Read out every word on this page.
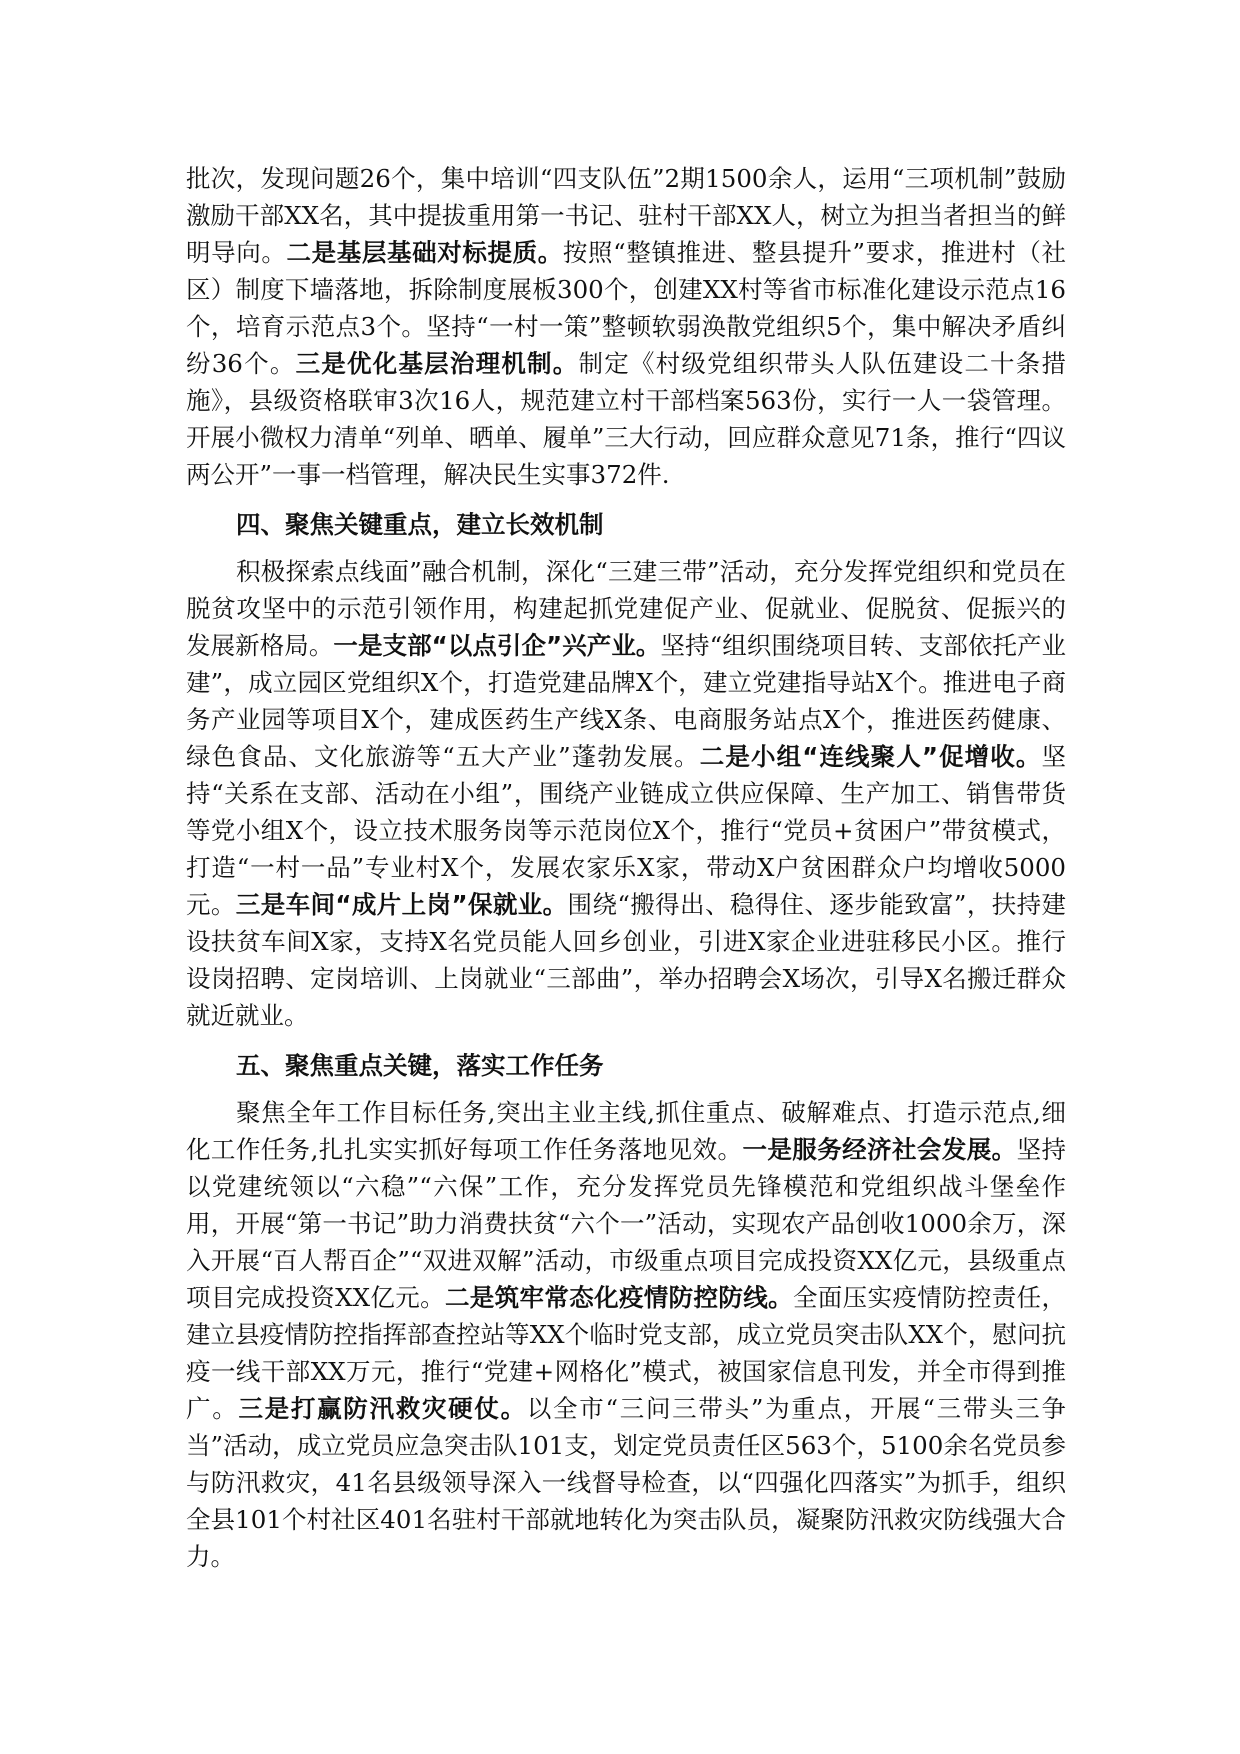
批次，发现问题26个，集中培训“四支队伍”2期1500余人，运用“三项机制”鼓励激励干部XX名，其中提拔重用第一书记、驻村干部XX人，树立为担当者担当的鲜明导向。二是基层基础对标提质。按照“整镇推进、整县提升”要求，推进村（社区）制度下墙落地，拆除制度展板300个，创建XX村等省市标准化建设示范点16个，培育示范点3个。坚持“一村一策”整顿软弱涣散党组织5个，集中解决矛盾纠纷36个。三是优化基层治理机制。制定《村级党组织带头人队伍建设二十条措施》，县级资格联审3次16人，规范建立村干部档案563份，实行一人一袋管理。开展小微权力清单“列单、晒单、履单”三大行动，回应群众意见71条，推行“四议两公开”一事一档管理，解决民生实事372件.

四、聚焦关键重点，建立长效机制

积极探索点线面”融合机制，深化“三建三带”活动，充分发挥党组织和党员在脱贫攻坚中的示范引领作用，构建起抓党建促产业、促就业、促脱贫、促振兴的发展新格局。一是支部“以点引企”兴产业。坚持“组织围绕项目转、支部依托产业建”，成立园区党组织X个，打造党建品牌X个，建立党建指导站X个。推进电子商务产业园等项目X个，建成医药生产线X条、电商服务站点X个，推进医药健康、绿色食品、文化旅游等“五大产业”蓬勃发展。二是小组“连线聚人”促增收。坚持“关系在支部、活动在小组”，围绕产业链成立供应保障、生产加工、销售带货等党小组X个，设立技术服务岗等示范岗位X个，推行“党员+贫困户”带贫模式，打造“一村一品”专业村X个，发展农家乐X家，带动X户贫困群众户均增收5000元。三是车间“成片上岗”保就业。围绕“搬得出、稳得住、逐步能致富”，扶持建设扶贫车间X家，支持X名党员能人回乡创业，引进X家企业进驻移民小区。推行设岗招聘、定岗培训、上岗就业“三部曲”，举办招聘会X场次，引导X名搬迁群众就近就业。

五、聚焦重点关键，落实工作任务

聚焦全年工作目标任务,突出主业主线,抓住重点、破解难点、打造示范点,细化工作任务,扎扎实实抓好每项工作任务落地见效。一是服务经济社会发展。坚持以党建统领以“六稳”“六保”工作，充分发挥党员先锋模范和党组织战斗堡垒作用，开展“第一书记”助力消费扶贫“六个一”活动，实现农产品创收1000余万，深入开展“百人帮百企”“双进双解”活动，市级重点项目完成投资XX亿元，县级重点项目完成投资XX亿元。二是筑牢常态化疫情防控防线。全面压实疫情防控责任，建立县疫情防控指挥部查控站等XX个临时党支部，成立党员突击队XX个，慰问抗疫一线干部XX万元，推行“党建+网格化”模式，被国家信息刊发，并全市得到推广。三是打赢防汛救灾硬仗。以全市“三问三带头”为重点，开展“三带头三争当”活动，成立党员应急突击队101支，划定党员责任区563个，5100余名党员参与防汛救灾，41名县级领导深入一线督导检查，以“四强化四落实”为抓手，组织全县101个村社区401名驻村干部就地转化为突击队员，凝聚防汛救灾防线强大合力。
